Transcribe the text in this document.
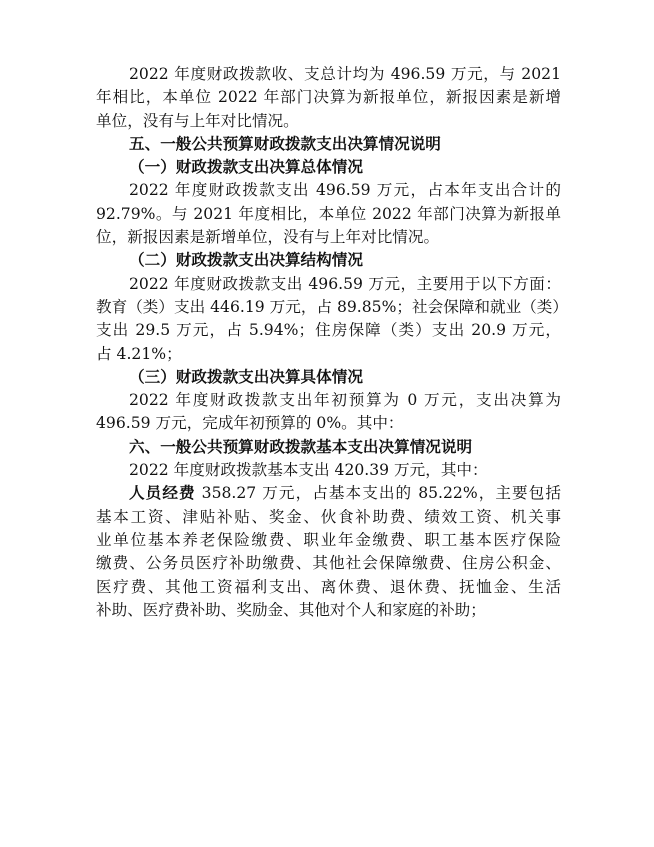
2022 年度财政拨款收、支总计均为 496.59 万元，与 2021
年相比，本单位 2022 年部门决算为新报单位，新报因素是新增
单位，没有与上年对比情况。
五、一般公共预算财政拨款支出决算情况说明
（一）财政拨款支出决算总体情况
2022 年度财政拨款支出 496.59 万元，占本年支出合计的
92.79%。与 2021 年度相比，本单位 2022 年部门决算为新报单
位，新报因素是新增单位，没有与上年对比情况。
（二）财政拨款支出决算结构情况
2022 年度财政拨款支出 496.59 万元，主要用于以下方面：
教育（类）支出 446.19 万元，占 89.85%；社会保障和就业（类）
支出 29.5 万元，占 5.94%；住房保障（类）支出 20.9 万元，
占 4.21%；
（三）财政拨款支出决算具体情况
2022 年度财政拨款支出年初预算为 0 万元，支出决算为
496.59 万元，完成年初预算的 0%。其中：
六、一般公共预算财政拨款基本支出决算情况说明
2022 年度财政拨款基本支出 420.39 万元，其中：
人员经费 358.27 万元，占基本支出的 85.22%，主要包括
基本工资、津贴补贴、奖金、伙食补助费、绩效工资、机关事
业单位基本养老保险缴费、职业年金缴费、职工基本医疗保险
缴费、公务员医疗补助缴费、其他社会保障缴费、住房公积金、
医疗费、其他工资福利支出、离休费、退休费、抚恤金、生活
补助、医疗费补助、奖励金、其他对个人和家庭的补助；
